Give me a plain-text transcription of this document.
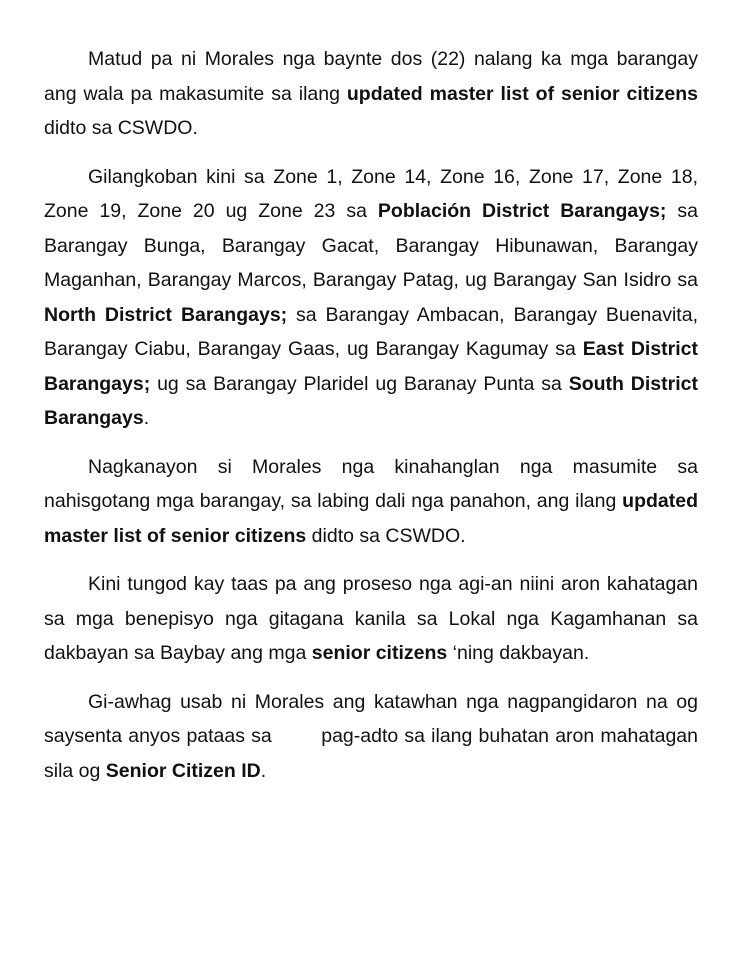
Matud pa ni Morales nga baynte dos (22) nalang ka mga barangay ang wala pa makasumite sa ilang updated master list of senior citizens didto sa CSWDO.

Gilangkoban kini sa Zone 1, Zone 14, Zone 16, Zone 17, Zone 18, Zone 19, Zone 20 ug Zone 23 sa Población District Barangays; sa Barangay Bunga, Barangay Gacat, Barangay Hibunawan, Barangay Maganhan, Barangay Marcos, Barangay Patag, ug Barangay San Isidro sa North District Barangays; sa Barangay Ambacan, Barangay Buenavita, Barangay Ciabu, Barangay Gaas, ug Barangay Kagumay sa East District Barangays; ug sa Barangay Plaridel ug Baranay Punta sa South District Barangays.

Nagkanayon si Morales nga kinahanglan nga masumite sa nahisgotang mga barangay, sa labing dali nga panahon, ang ilang updated master list of senior citizens didto sa CSWDO.

Kini tungod kay taas pa ang proseso nga agi-an niini aron kahatagan sa mga benepisyo nga gitagana kanila sa Lokal nga Kagamhanan sa dakbayan sa Baybay ang mga senior citizens ‘ning dakbayan.

Gi-awhag usab ni Morales ang katawhan nga nagpangidaron na og saysenta anyos pataas sa        pag-adto sa ilang buhatan aron mahatagan sila og Senior Citizen ID.
